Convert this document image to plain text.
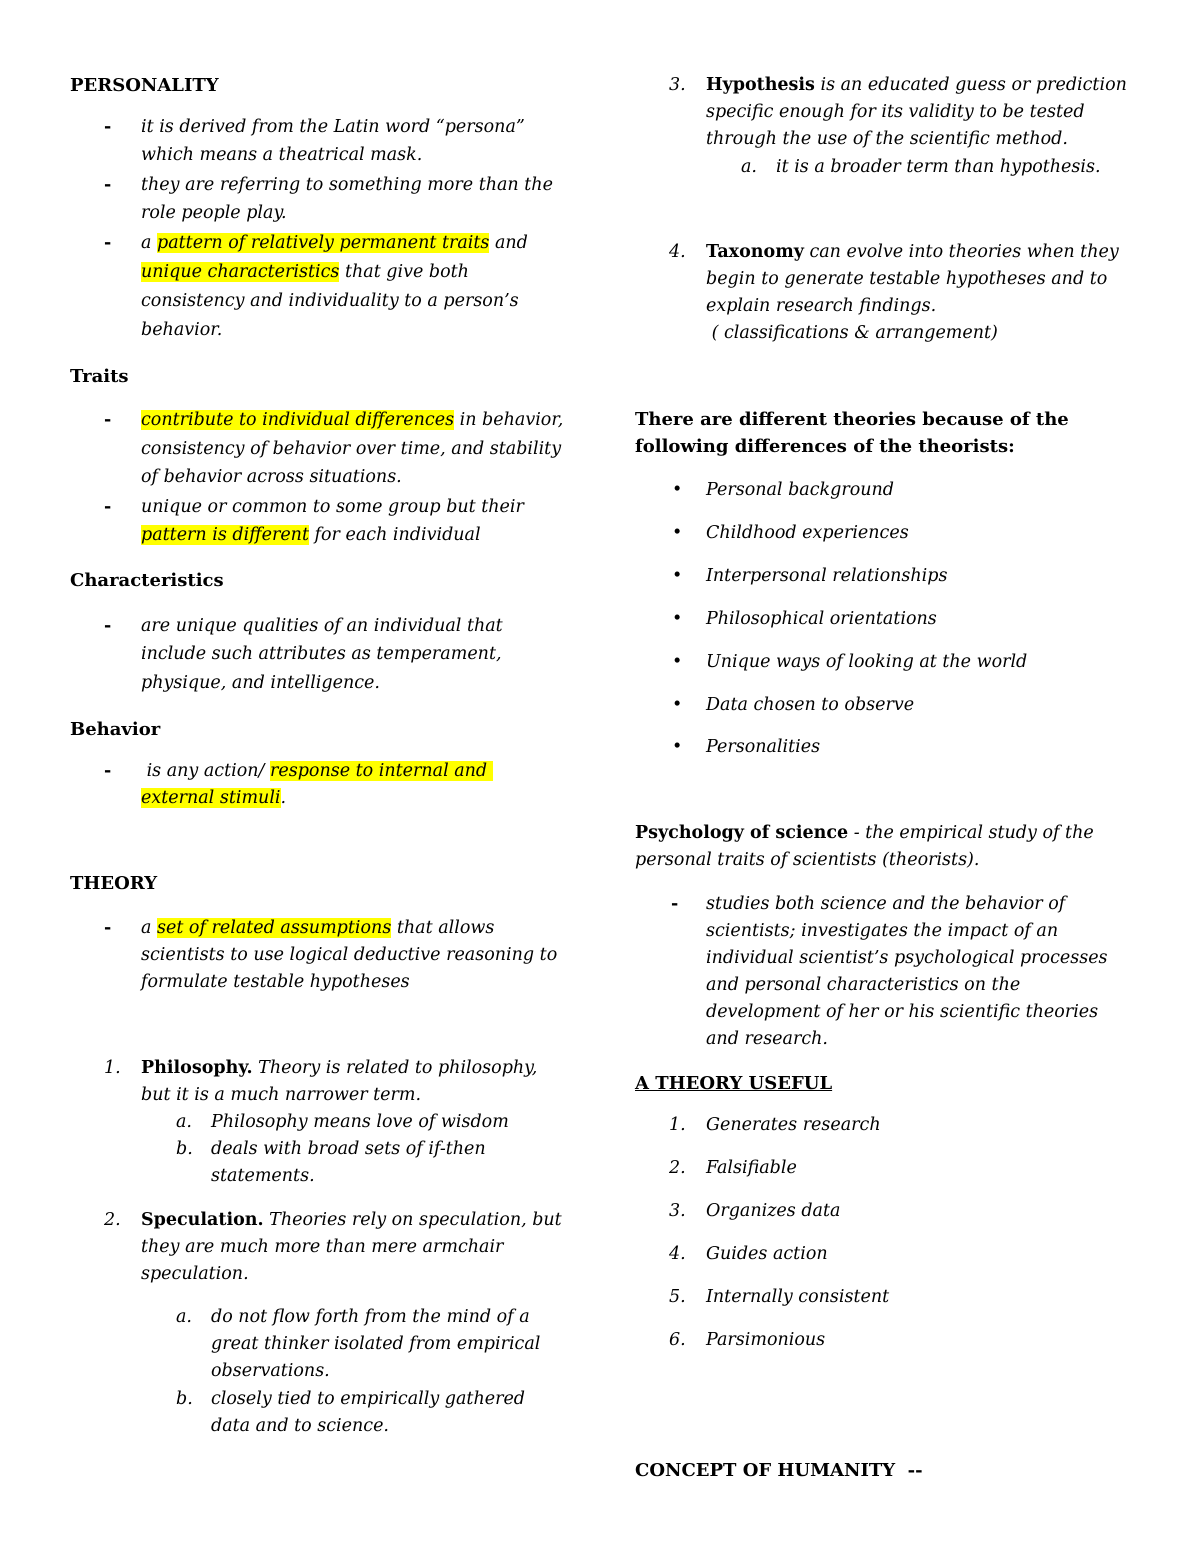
PERSONALITY
- it is derived from the Latin word “persona”
which means a theatrical mask.
- they are referring to something more than the
role people play.
- a pattern of relatively permanent traits and
unique characteristics that give both
consistency and individuality to a person’s
behavior.
Traits
- contribute to individual differences in behavior,
consistency of behavior over time, and stability
of behavior across situations.
- unique or common to some group but their
pattern is different for each individual
Characteristics
- are unique qualities of an individual that
include such attributes as temperament,
physique, and intelligence.
Behavior
- is any action/ response to internal and
external stimuli.
THEORY
- a set of related assumptions that allows
scientists to use logical deductive reasoning to
formulate testable hypotheses
1. Philosophy. Theory is related to philosophy,
but it is a much narrower term.
a. Philosophy means love of wisdom
b. deals with broad sets of if-then
statements.
2. Speculation. Theories rely on speculation, but
they are much more than mere armchair
speculation.
a. do not flow forth from the mind of a
great thinker isolated from empirical
observations.
b. closely tied to empirically gathered
data and to science.
3. Hypothesis is an educated guess or prediction
specific enough for its validity to be tested
through the use of the scientific method.
a. it is a broader term than hypothesis.
4. Taxonomy can evolve into theories when they
begin to generate testable hypotheses and to
explain research findings.
( classifications & arrangement)
There are different theories because of the
following differences of the theorists:
• Personal background
• Childhood experiences
• Interpersonal relationships
• Philosophical orientations
• Unique ways of looking at the world
• Data chosen to observe
• Personalities
Psychology of science - the empirical study of the
personal traits of scientists (theorists).
- studies both science and the behavior of
scientists; investigates the impact of an
individual scientist’s psychological processes
and personal characteristics on the
development of her or his scientific theories
and research.
A THEORY USEFUL
1. Generates research
2. Falsifiable
3. Organizes data
4. Guides action
5. Internally consistent
6. Parsimonious
CONCEPT OF HUMANITY  --
